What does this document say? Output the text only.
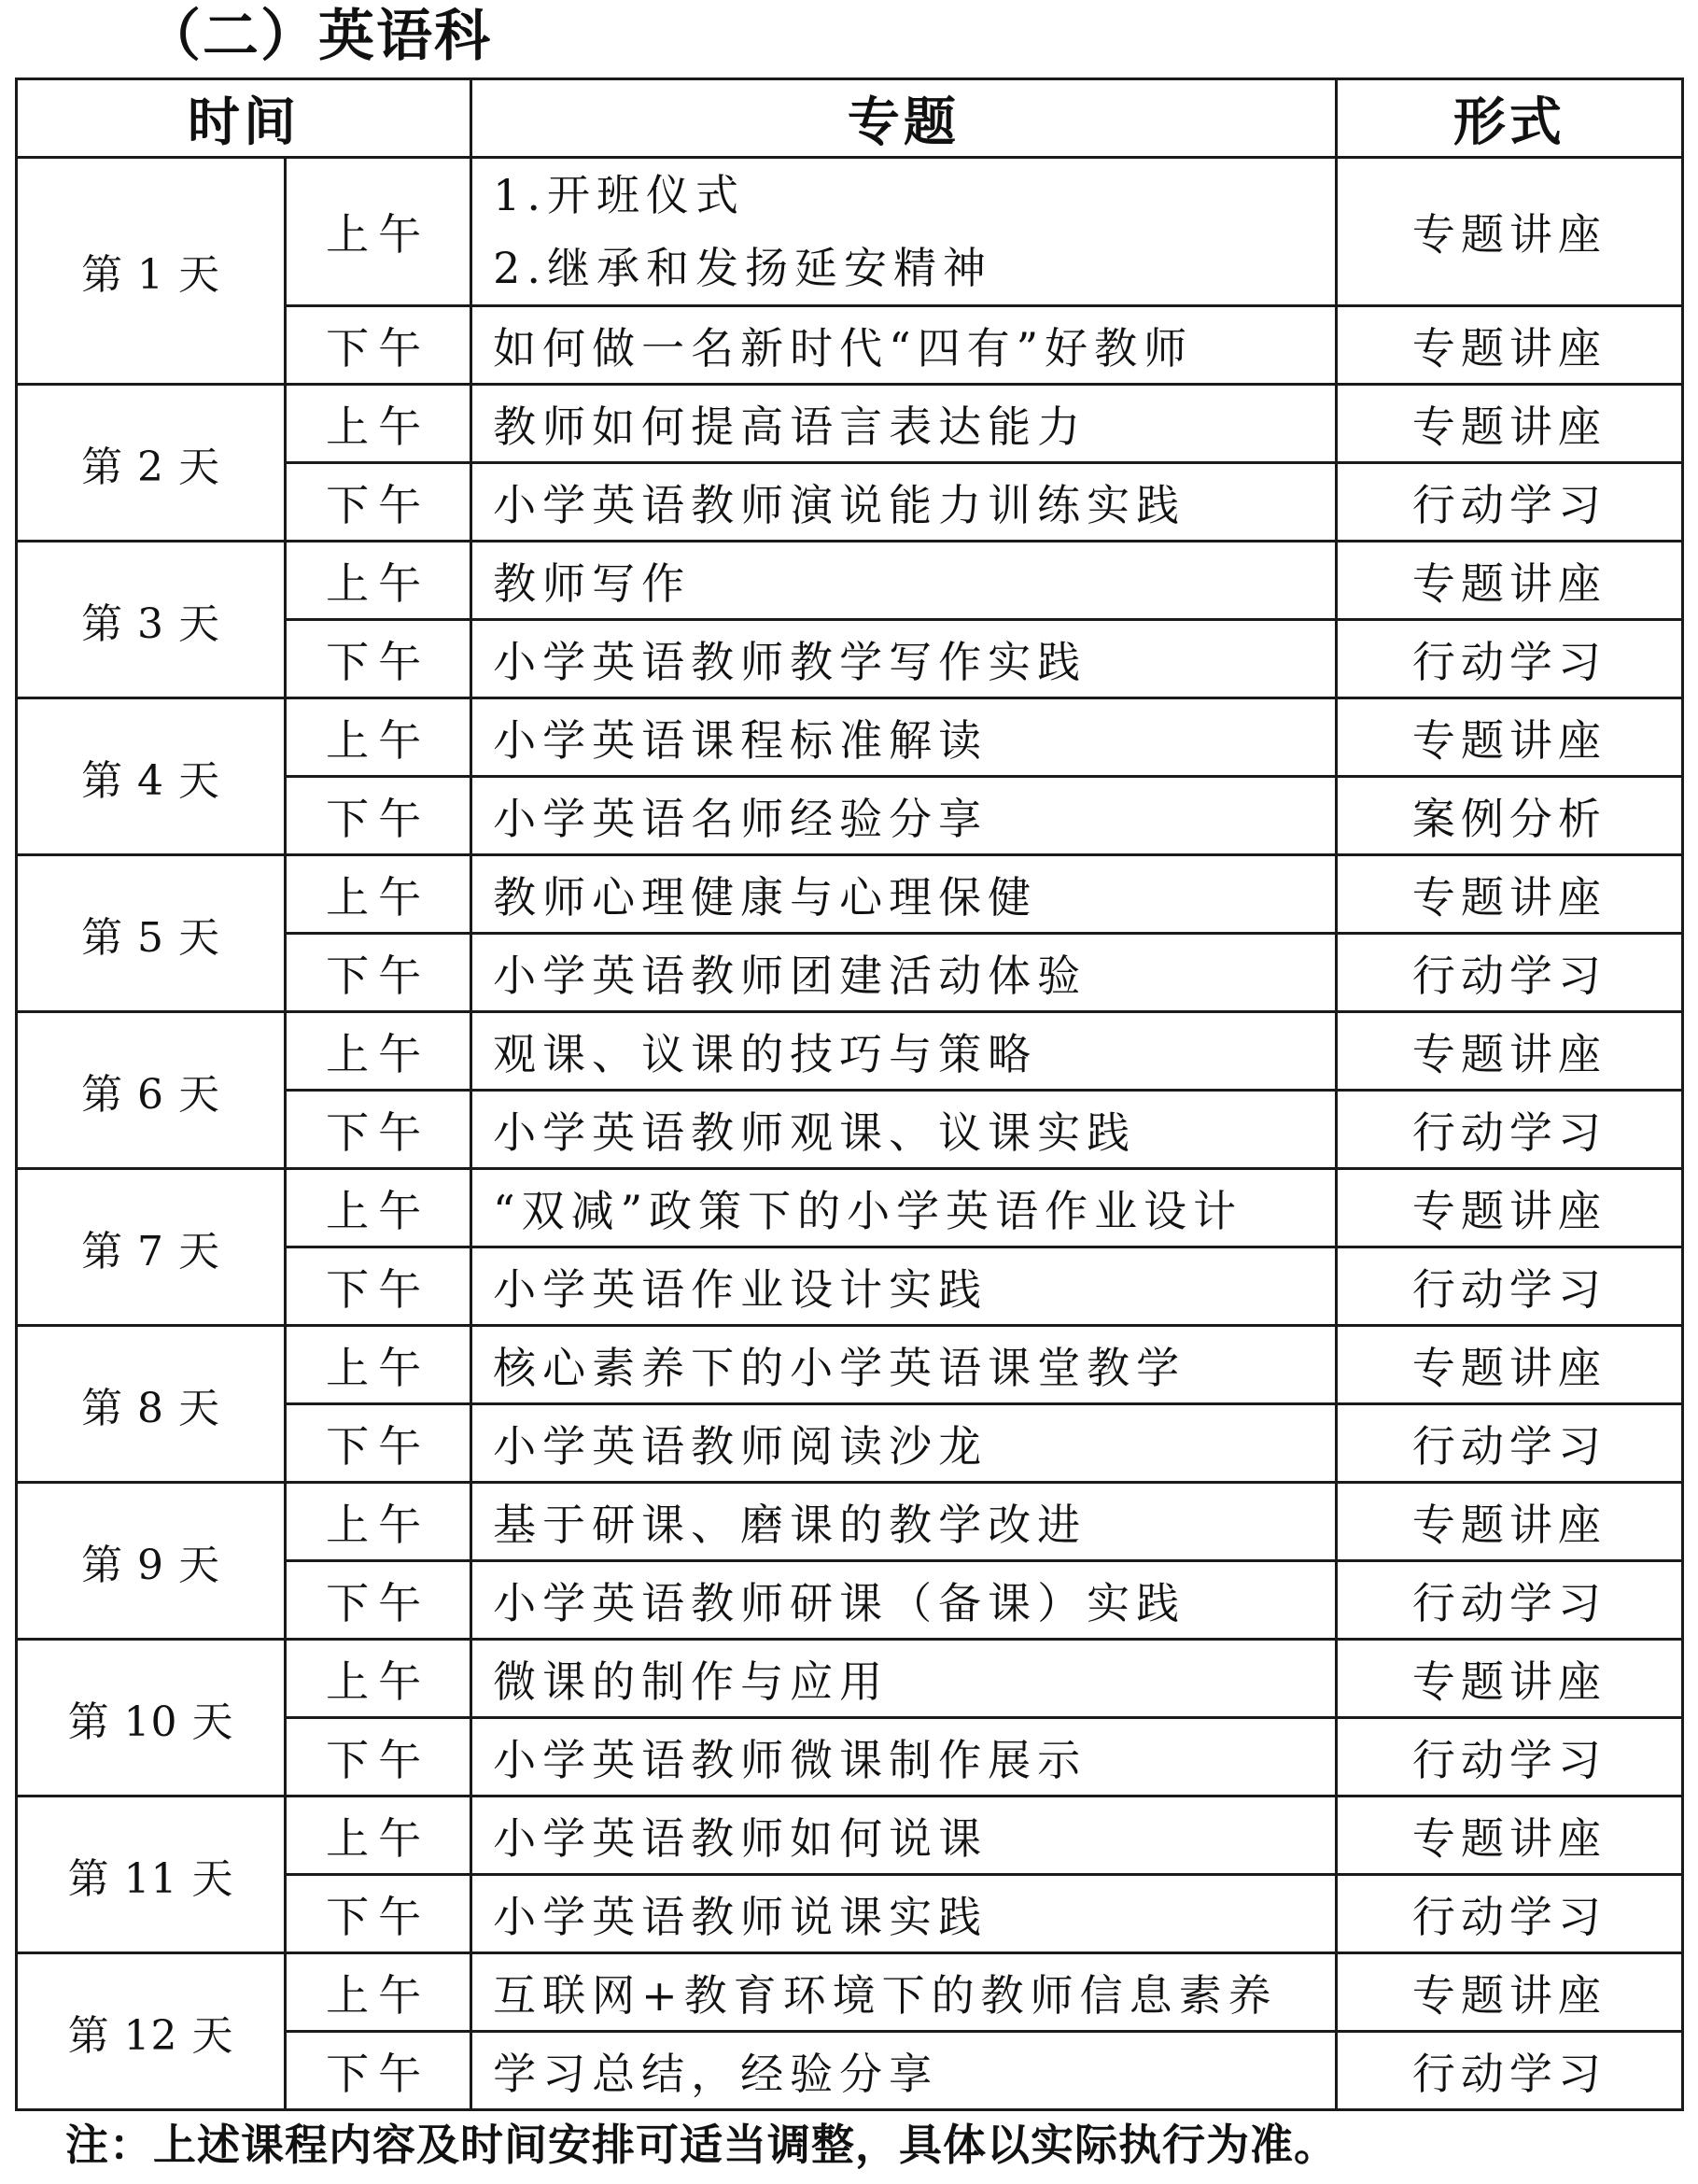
（二）英语科
时间		专题	形式
第 1 天	上午	1.开班仪式
2.继承和发扬延安精神	专题讲座
	下午	如何做一名新时代“四有”好教师	专题讲座
第 2 天	上午	教师如何提高语言表达能力	专题讲座
	下午	小学英语教师演说能力训练实践	行动学习
第 3 天	上午	教师写作	专题讲座
	下午	小学英语教师教学写作实践	行动学习
第 4 天	上午	小学英语课程标准解读	专题讲座
	下午	小学英语名师经验分享	案例分析
第 5 天	上午	教师心理健康与心理保健	专题讲座
	下午	小学英语教师团建活动体验	行动学习
第 6 天	上午	观课、议课的技巧与策略	专题讲座
	下午	小学英语教师观课、议课实践	行动学习
第 7 天	上午	“双减”政策下的小学英语作业设计	专题讲座
	下午	小学英语作业设计实践	行动学习
第 8 天	上午	核心素养下的小学英语课堂教学	专题讲座
	下午	小学英语教师阅读沙龙	行动学习
第 9 天	上午	基于研课、磨课的教学改进	专题讲座
	下午	小学英语教师研课（备课）实践	行动学习
第 10 天	上午	微课的制作与应用	专题讲座
	下午	小学英语教师微课制作展示	行动学习
第 11 天	上午	小学英语教师如何说课	专题讲座
	下午	小学英语教师说课实践	行动学习
第 12 天	上午	互联网+教育环境下的教师信息素养	专题讲座
	下午	学习总结，经验分享	行动学习
注：上述课程内容及时间安排可适当调整，具体以实际执行为准。
